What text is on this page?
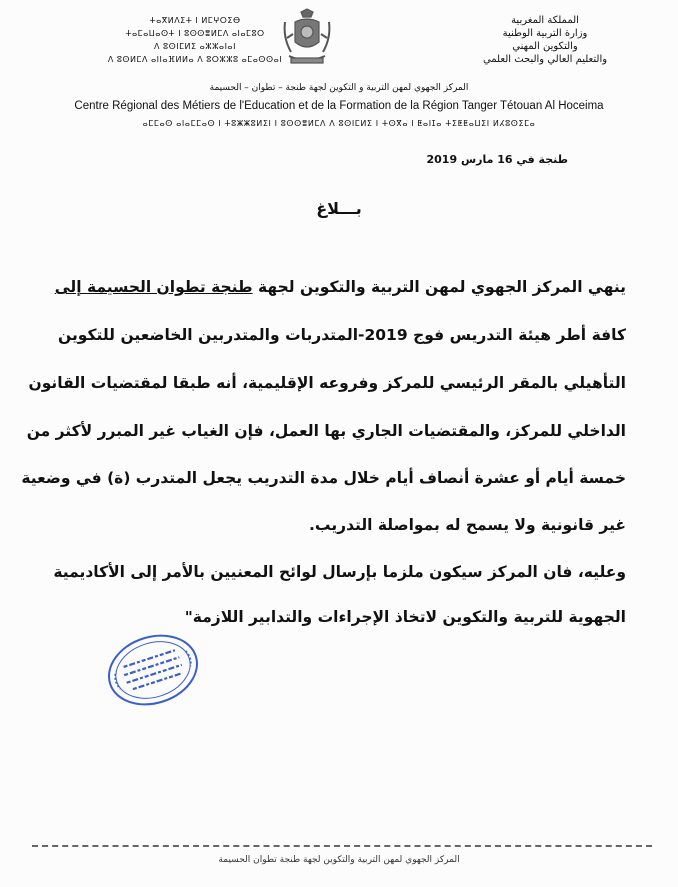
المملكة المغربية
وزارة التربية الوطنية
والتكوين المهني
والتعليم العالي والبحث العلمي
ⵜⴰⴳⵍⴷⵉⵜ ⵏ ⵍⵎⵖⵔⵉⴱ
ⵜⴰⵎⴰⵡⴰⵙⵜ ⵏ ⵓⵙⵙⴻⵍⵎⴷ ⴰⵏⴰⵎⵓⵔ
ⴷ ⵓⵙⵏⵎⵍⵉ ⴰⵣⵣⴰⵏⴰⵏ
ⴷ ⵓⵙⵍⵎⴷ ⴰⵏⵏⴰⴼⵍⵍⴰ ⴷ ⵓⵔⵣⵣⵓ ⴰⵎⴰⵙⵙⴰⵏ
المركز الجهوي لمهن التربية و التكوين لجهة طنجة – تطوان – الحسيمة
Centre Régional des Métiers de l'Education et de la Formation de la Région Tanger Tétouan Al Hoceima
ⴰⵎⵎⴰⵙ ⴰⵏⴰⵎⵎⴰⵙ ⵏ ⵜⵓⵥⵥⵓⵍⵉⵏ ⵏ ⵓⵙⵙⴻⵍⵎⴷ ⴷ ⵓⵙⵏⵎⵍⵉ ⵏ ⵜⵙⴳⴰ ⵏ ⵟⴰⵏⵊⴰ ⵜⵉⵟⵟⴰⵡⵉⵏ ⵍⵃⵓⵙⵉⵎⴰ
طنجة في 16 مارس 2019
بـــلاغ
ينهي المركز الجهوي لمهن التربية والتكوين لجهة طنجة تطوان الحسيمة إلى
كافة أطر هيئة التدريس فوج 2019-المتدربات والمتدربين الخاضعين للتكوين
التأهيلي بالمقر الرئيسي للمركز وفروعه الإقليمية، أنه طبقا لمقتضيات القانون
الداخلي للمركز، والمقتضيات الجاري بها العمل، فإن الغياب غير المبرر لأكثر من
خمسة أيام أو عشرة أنصاف أيام خلال مدة التدريب يجعل المتدرب (ة) في وضعية
غير قانونية ولا يسمح له بمواصلة التدريب.
وعليه، فان المركز سيكون ملزما بإرسال لوائح المعنيين بالأمر إلى الأكاديمية
الجهوية للتربية والتكوين لاتخاذ الإجراءات والتدابير اللازمة"
المركز الجهوي لمهن التربية والتكوين لجهة طنجة تطوان الحسيمة
